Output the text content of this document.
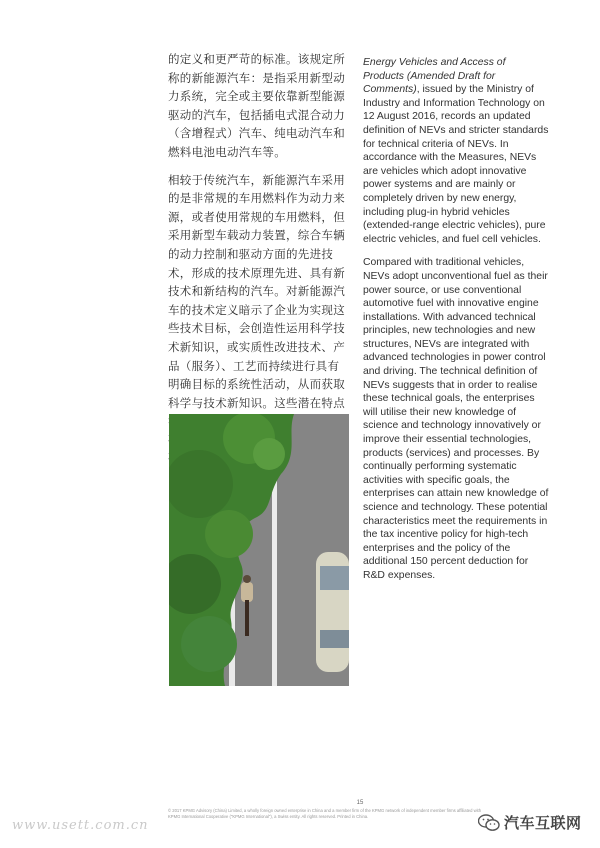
的定义和更严苛的标准。该规定所称的新能源汽车：是指采用新型动力系统，完全或主要依靠新型能源驱动的汽车，包括插电式混合动力（含增程式）汽车、纯电动汽车和燃料电池电动汽车等。

相较于传统汽车，新能源汽车采用的是非常规的车用燃料作为动力来源，或者使用常规的车用燃料，但采用新型车载动力装置，综合车辆的动力控制和驱动方面的先进技术，形成的技术原理先进、具有新技术和新结构的汽车。对新能源汽车的技术定义暗示了企业为实现这些技术目标，会创造性运用科学技术新知识，或实质性改进技术、产品（服务）、工艺而持续进行具有明确目标的系统性活动，从而获取科学与技术新知识。这些潜在特点

Energy Vehicles and Access of Products (Amended Draft for Comments), issued by the Ministry of Industry and Information Technology on 12 August 2016, records an updated definition of NEVs and stricter standards for technical criteria of NEVs. In accordance with the Measures, NEVs are vehicles which adopt innovative power systems and are mainly or completely driven by new energy, including plug-in hybrid vehicles (extended-range electric vehicles), pure electric vehicles, and fuel cell vehicles.

Compared with traditional vehicles, NEVs adopt unconventional fuel as their power source, or use conventional automotive fuel with innovative engine installations. With advanced technical principles, new technologies and new structures, NEVs are integrated with advanced technologies in power control and driving. The technical definition of NEVs suggests that in order to realise these technical goals, the enterprises will utilise their new knowledge of science and technology innovatively or improve their essential technologies, products (services) and processes. By continually performing systematic activities with specific goals, the enterprises can attain new knowledge of science and technology. These potential characteristics meet the requirements in the tax incentive policy for high-tech enterprises and the policy of the additional 150 percent deduction for R&D expenses.

15
© 2017 KPMG Advisory (China) Limited, a wholly foreign owned enterprise in China and a member firm of the KPMG network of independent member firms affiliated with KPMG International Cooperative ("KPMG International"), a Swiss entity. All rights reserved. Printed in China.
www.usett.com.cn	汽车互联网
